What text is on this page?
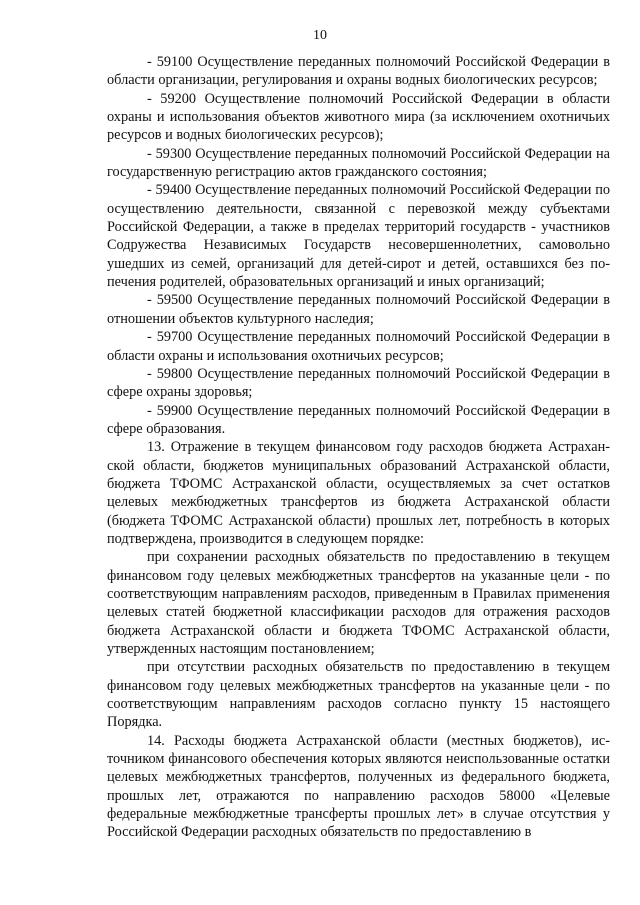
10

- 59100 Осуществление переданных полномочий Российской Федерации в области организации, регулирования и охраны водных биологических ресурсов;

- 59200 Осуществление полномочий Российской Федерации в области охраны и использования объектов животного мира (за исключением охотничьих ресурсов и водных биологических ресурсов);

- 59300 Осуществление переданных полномочий Российской Федерации на государственную регистрацию актов гражданского состояния;

- 59400 Осуществление переданных полномочий Российской Федерации по осуществлению деятельности, связанной с перевозкой между субъектами Российской Федерации, а также в пределах территорий государств - участников Содружества Независимых Государств несовершеннолетних, самовольно ушедших из семей, организаций для детей-сирот и детей, оставшихся без попечения родителей, образовательных организаций и иных организаций;

- 59500 Осуществление переданных полномочий Российской Федерации в отношении объектов культурного наследия;

- 59700 Осуществление переданных полномочий Российской Федерации в области охраны и использования охотничьих ресурсов;

- 59800 Осуществление переданных полномочий Российской Федерации в сфере охраны здоровья;

- 59900 Осуществление переданных полномочий Российской Федерации в сфере образования.

13. Отражение в текущем финансовом году расходов бюджета Астраханской области, бюджетов муниципальных образований Астраханской области, бюджета ТФОМС Астраханской области, осуществляемых за счет остатков целевых межбюджетных трансфертов из бюджета Астраханской области (бюджета ТФОМС Астраханской области) прошлых лет, потребность в которых подтверждена, производится в следующем порядке:

при сохранении расходных обязательств по предоставлению в текущем финансовом году целевых межбюджетных трансфертов на указанные цели - по соответствующим направлениям расходов, приведенным в Правилах применения целевых статей бюджетной классификации расходов для отражения расходов бюджета Астраханской области и бюджета ТФОМС Астраханской области, утвержденных настоящим постановлением;

при отсутствии расходных обязательств по предоставлению в текущем финансовом году целевых межбюджетных трансфертов на указанные цели - по соответствующим направлениям расходов согласно пункту 15 настоящего Порядка.

14. Расходы бюджета Астраханской области (местных бюджетов), источником финансового обеспечения которых являются неиспользованные остатки целевых межбюджетных трансфертов, полученных из федерального бюджета, прошлых лет, отражаются по направлению расходов 58000 «Целевые федеральные межбюджетные трансферты прошлых лет» в случае отсутствия у Российской Федерации расходных обязательств по предоставлению в
